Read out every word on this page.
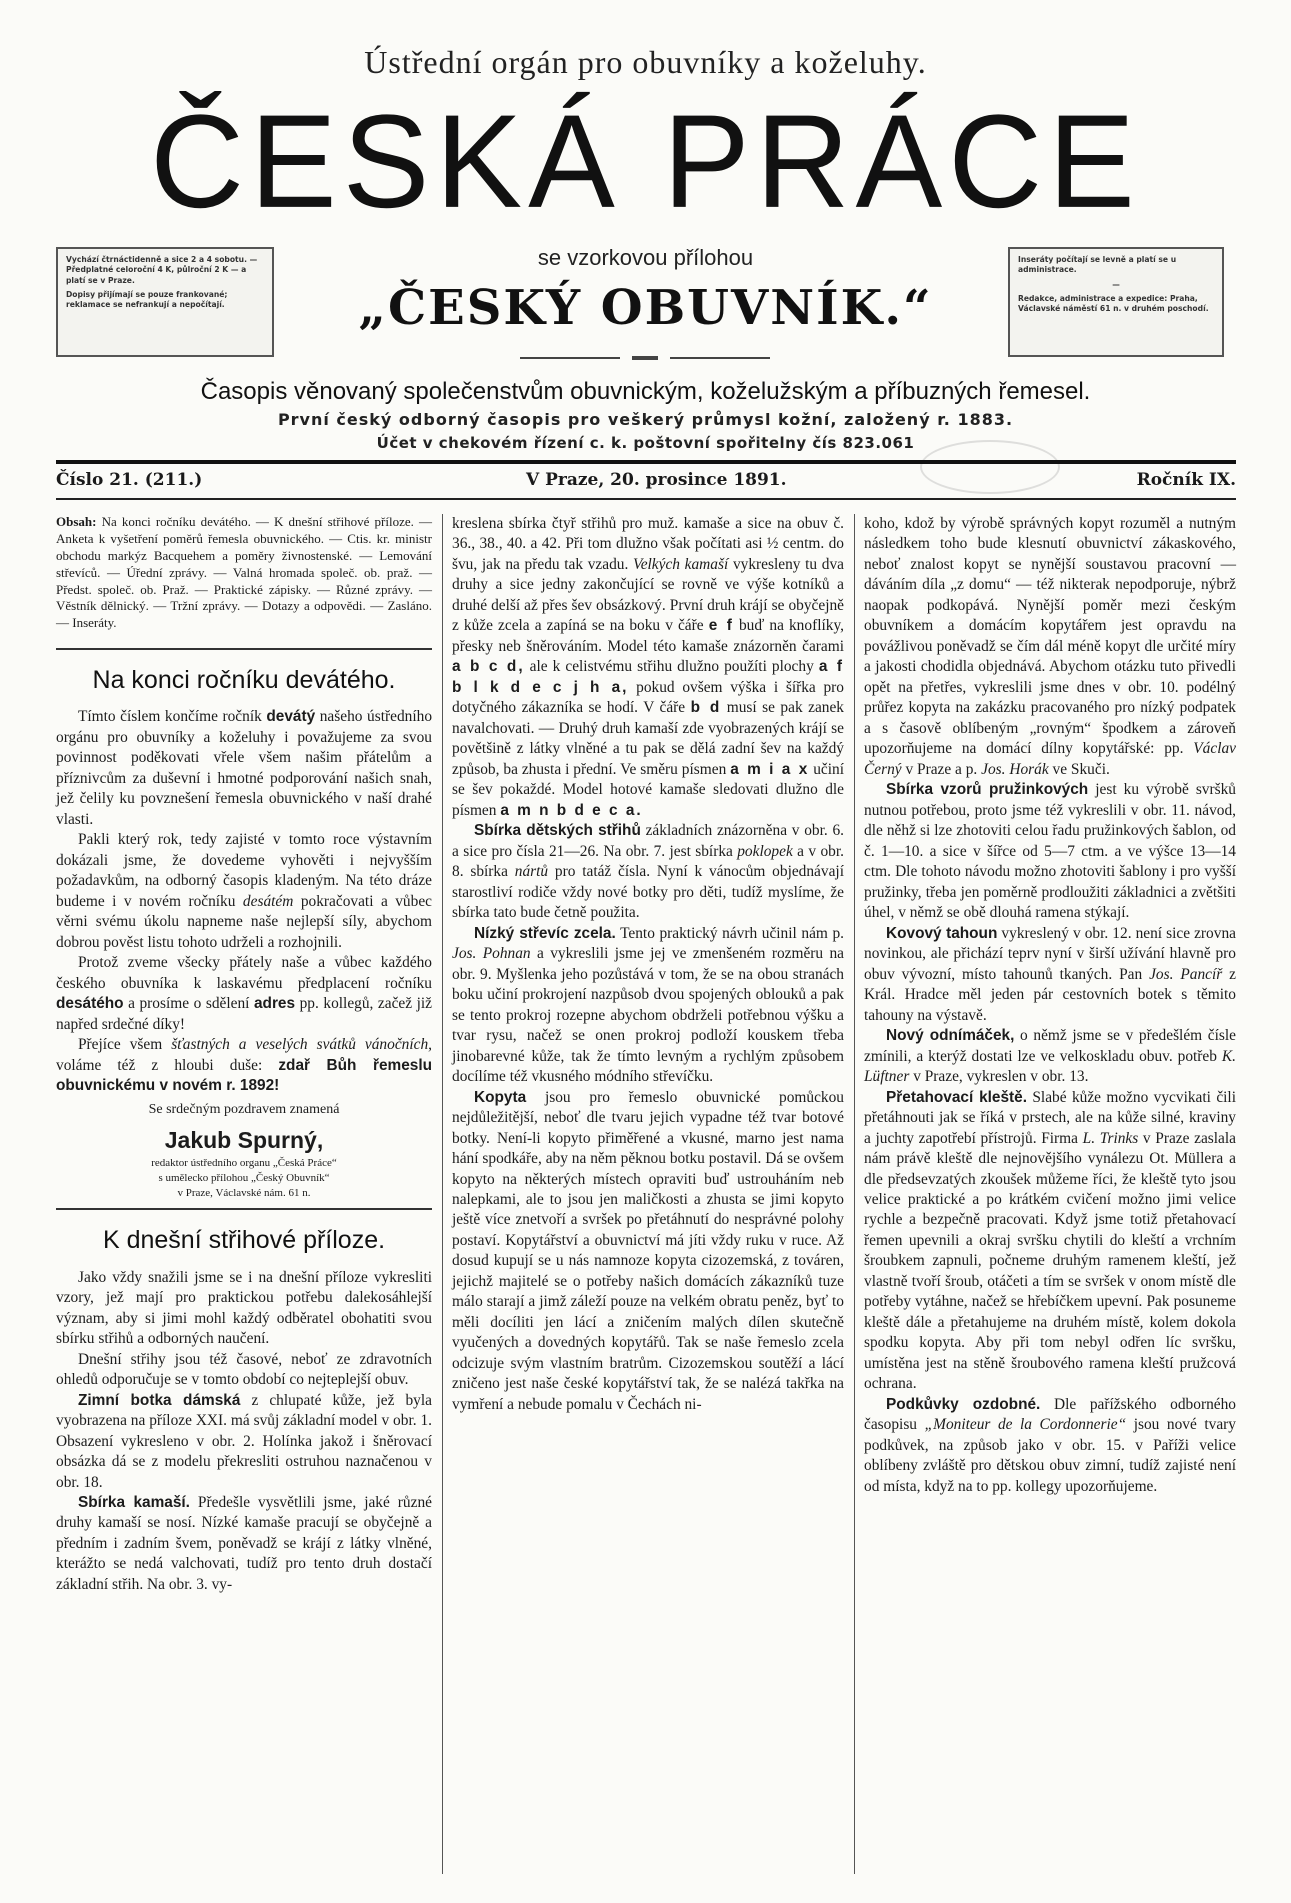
Ústřední orgán pro obuvníky a koželuhy.
ČESKÁ PRÁCE

Vychází čtrnáctidenně a sice 2 a 4 sobotu. — Předplatné celoroční 4 K, půlroční 2 K — a platí se v Praze.

Dopisy přijímají se pouze frankované; reklamace se nefrankují a nepočítají.

Inseráty počítají se levně a platí se u administrace.

—

Redakce, administrace a expedice: Praha, Václavské náměstí 61 n. v druhém poschodí.

se vzorkovou přílohou
„ČESKÝ OBUVNÍK.“
Časopis věnovaný společenstvům obuvnickým, koželužským a příbuzných řemesel.
První český odborný časopis pro veškerý průmysl kožní, založený r. 1883.
Účet v chekovém řízení c. k. poštovní spořitelny čís 823.061
Číslo 21. (211.)	V Praze, 20. prosince 1891.	Ročník IX.
Obsah: Na konci ročníku devátého. — K dnešní střihové příloze. — Anketa k vyšetření poměrů řemesla obuvnického. — Ctis. kr. ministr obchodu markýz Bacquehem a poměry živnostenské. — Lemování střevíců. — Úřední zprávy. — Valná hromada společ. ob. praž. — Předst. společ. ob. Praž. — Praktické zápisky. — Různé zprávy. — Věstník dělnický. — Tržní zprávy. — Dotazy a odpovědi. — Zasláno. — Inseráty.
Na konci ročníku devátého.

Tímto číslem končíme ročník devátý našeho ústředního orgánu pro obuvníky a koželuhy i považujeme za svou povinnost poděkovati vřele všem našim přátelům a příznivcům za duševní i hmotné podporování našich snah, jež čelily ku povznešení řemesla obuvnického v naší drahé vlasti.

Pakli který rok, tedy zajisté v tomto roce výstavním dokázali jsme, že dovedeme vyhověti i nejvyšším požadavkům, na odborný časopis kladeným. Na této dráze budeme i v novém ročníku desátém pokračovati a vůbec věrni svému úkolu napneme naše nejlepší síly, abychom dobrou pověst listu tohoto udrželi a rozhojnili.

Protož zveme všecky přátely naše a vůbec každého českého obuvníka k laskavému předplacení ročníku desátého a prosíme o sdělení adres pp. kollegů, začež již napřed srdečné díky!

Přejíce všem šťastných a veselých svátků vánočních, voláme též z hloubi duše: zdař Bůh řemeslu obuvnickému v novém r. 1892!

Se srdečným pozdravem znamená
Jakub Spurný,
redaktor ústředního organu „Česká Práce“
s umělecko přílohou „Český Obuvník“
v Praze, Václavské nám. 61 n.
K dnešní střihové příloze.

Jako vždy snažili jsme se i na dnešní příloze vykresliti vzory, jež mají pro praktickou potřebu dalekosáhlejší význam, aby si jimi mohl každý odběratel obohatiti svou sbírku střihů a odborných naučení.

Dnešní střihy jsou též časové, neboť ze zdravotních ohledů odporučuje se v tomto období co nejteplejší obuv.

Zimní botka dámská z chlupaté kůže, jež byla vyobrazena na příloze XXI. má svůj základní model v obr. 1. Obsazení vykresleno v obr. 2. Holínka jakož i šněrovací obsázka dá se z modelu překresliti ostruhou naznačenou v obr. 18.

Sbírka kamaší. Předešle vysvětlili jsme, jaké různé druhy kamaší se nosí. Nízké kamaše pracují se obyčejně a předním i zadním švem, poněvadž se krájí z látky vlněné, kterážto se nedá valchovati, tudíž pro tento druh dostačí základní střih. Na obr. 3. vy-

kreslena sbírka čtyř střihů pro muž. kamaše a sice na obuv č. 36., 38., 40. a 42. Při tom dlužno však počítati asi ½ centm. do švu, jak na předu tak vzadu. Velkých kamaší vykresleny tu dva druhy a sice jedny zakončující se rovně ve výše kotníků a druhé delší až přes šev obsázkový. První druh krájí se obyčejně z kůže zcela a zapíná se na boku v čáře e f buď na knoflíky, přesky neb šněrováním. Model této kamaše znázorněn čarami a b c d, ale k celistvému střihu dlužno použíti plochy a f b l k d e c j h a, pokud ovšem výška i šířka pro dotyčného zákazníka se hodí. V čáře b d musí se pak zanek navalchovati. — Druhý druh kamaší zde vyobrazených krájí se povětšině z látky vlněné a tu pak se dělá zadní šev na každý způsob, ba zhusta i přední. Ve směru písmen a m i a x učiní se šev pokaždé. Model hotové kamaše sledovati dlužno dle písmen a m n b d e c a.

Sbírka dětských střihů základních znázorněna v obr. 6. a sice pro čísla 21—26. Na obr. 7. jest sbírka poklopek a v obr. 8. sbírka nártů pro tatáž čísla. Nyní k vánocům objednávají starostliví rodiče vždy nové botky pro děti, tudíž myslíme, že sbírka tato bude četně použita.

Nízký střevíc zcela. Tento praktický návrh učinil nám p. Jos. Pohnan a vykreslili jsme jej ve zmenšeném rozměru na obr. 9. Myšlenka jeho pozůstává v tom, že se na obou stranách boku učiní prokrojení nazpůsob dvou spojených oblouků a pak se tento prokroj rozepne abychom obdrželi potřebnou výšku a tvar rysu, načež se onen prokroj podloží kouskem třeba jinobarevné kůže, tak že tímto levným a rychlým způsobem docílíme též vkusného módního střevíčku.

Kopyta jsou pro řemeslo obuvnické pomůckou nejdůležitější, neboť dle tvaru jejich vypadne též tvar botové botky. Není-li kopyto přiměřené a vkusné, marno jest nama hání spodkáře, aby na něm pěknou botku postavil. Dá se ovšem kopyto na některých místech opraviti buď ustrouháním neb nalepkami, ale to jsou jen maličkosti a zhusta se jimi kopyto ještě více znetvoří a svršek po přetáhnutí do nesprávné polohy postaví. Kopytářství a obuvnictví má jíti vždy ruku v ruce. Až dosud kupují se u nás namnoze kopyta cizozemská, z továren, jejichž majitelé se o potřeby našich domácích zákazníků tuze málo starají a jimž záleží pouze na velkém obratu peněz, byť to měli docíliti jen lácí a zničením malých dílen skutečně vyučených a dovedných kopytářů. Tak se naše řemeslo zcela odcizuje svým vlastním bratrům. Cizozemskou soutěží a lácí zničeno jest naše české kopytářství tak, že se nalézá takřka na vymření a nebude pomalu v Čechách ni-

koho, kdož by výrobě správných kopyt rozuměl a nutným následkem toho bude klesnutí obuvnictví zákaskového, neboť znalost kopyt se nynější soustavou pracovní — dáváním díla „z domu“ — též nikterak nepodporuje, nýbrž naopak podkopává. Nynější poměr mezi českým obuvníkem a domácím kopytářem jest opravdu na povážlivou poněvadž se čím dál méně kopyt dle určité míry a jakosti chodidla objednává. Abychom otázku tuto přivedli opět na přetřes, vykreslili jsme dnes v obr. 10. podélný průřez kopyta na zakázku pracovaného pro nízký podpatek a s časově oblíbeným „rovným“ špodkem a zároveň upozorňujeme na domácí dílny kopytářské: pp. Václav Černý v Praze a p. Jos. Horák ve Skuči.

Sbírka vzorů pružinkových jest ku výrobě svršků nutnou potřebou, proto jsme též vykreslili v obr. 11. návod, dle něhž si lze zhotoviti celou řadu pružinkových šablon, od č. 1—10. a sice v šířce od 5—7 ctm. a ve výšce 13—14 ctm. Dle tohoto návodu možno zhotoviti šablony i pro vyšší pružinky, třeba jen poměrně prodloužiti základnici a zvětšiti úhel, v němž se obě dlouhá ramena stýkají.

Kovový tahoun vykreslený v obr. 12. není sice zrovna novinkou, ale přichází teprv nyní v širší užívání hlavně pro obuv vývozní, místo tahounů tkaných. Pan Jos. Pancíř z Král. Hradce měl jeden pár cestovních botek s těmito tahouny na výstavě.

Nový odnímáček, o němž jsme se v předešlém čísle zmínili, a kterýž dostati lze ve velkoskladu obuv. potřeb K. Lüftner v Praze, vykreslen v obr. 13.

Přetahovací kleště. Slabé kůže možno vycvikati čili přetáhnouti jak se říká v prstech, ale na kůže silné, kraviny a juchty zapotřebí přístrojů. Firma L. Trinks v Praze zaslala nám právě kleště dle nejnovějšího vynálezu Ot. Müllera a dle předsevzatých zkoušek můžeme říci, že kleště tyto jsou velice praktické a po krátkém cvičení možno jimi velice rychle a bezpečně pracovati. Když jsme totiž přetahovací řemen upevnili a okraj svršku chytili do kleští a vrchním šroubkem zapnuli, počneme druhým ramenem kleští, jež vlastně tvoří šroub, otáčeti a tím se svršek v onom místě dle potřeby vytáhne, načež se hřebíčkem upevní. Pak posuneme kleště dále a přetahujeme na druhém místě, kolem dokola spodku kopyta. Aby při tom nebyl odřen líc svršku, umístěna jest na stěně šroubového ramena kleští pružcová ochrana.

Podkůvky ozdobné. Dle pařížského odborného časopisu „Moniteur de la Cordonnerie“ jsou nové tvary podkůvek, na způsob jako v obr. 15. v Paříži velice oblíbeny zvláště pro dětskou obuv zimní, tudíž zajisté není od místa, když na to pp. kollegy upozorňujeme.
